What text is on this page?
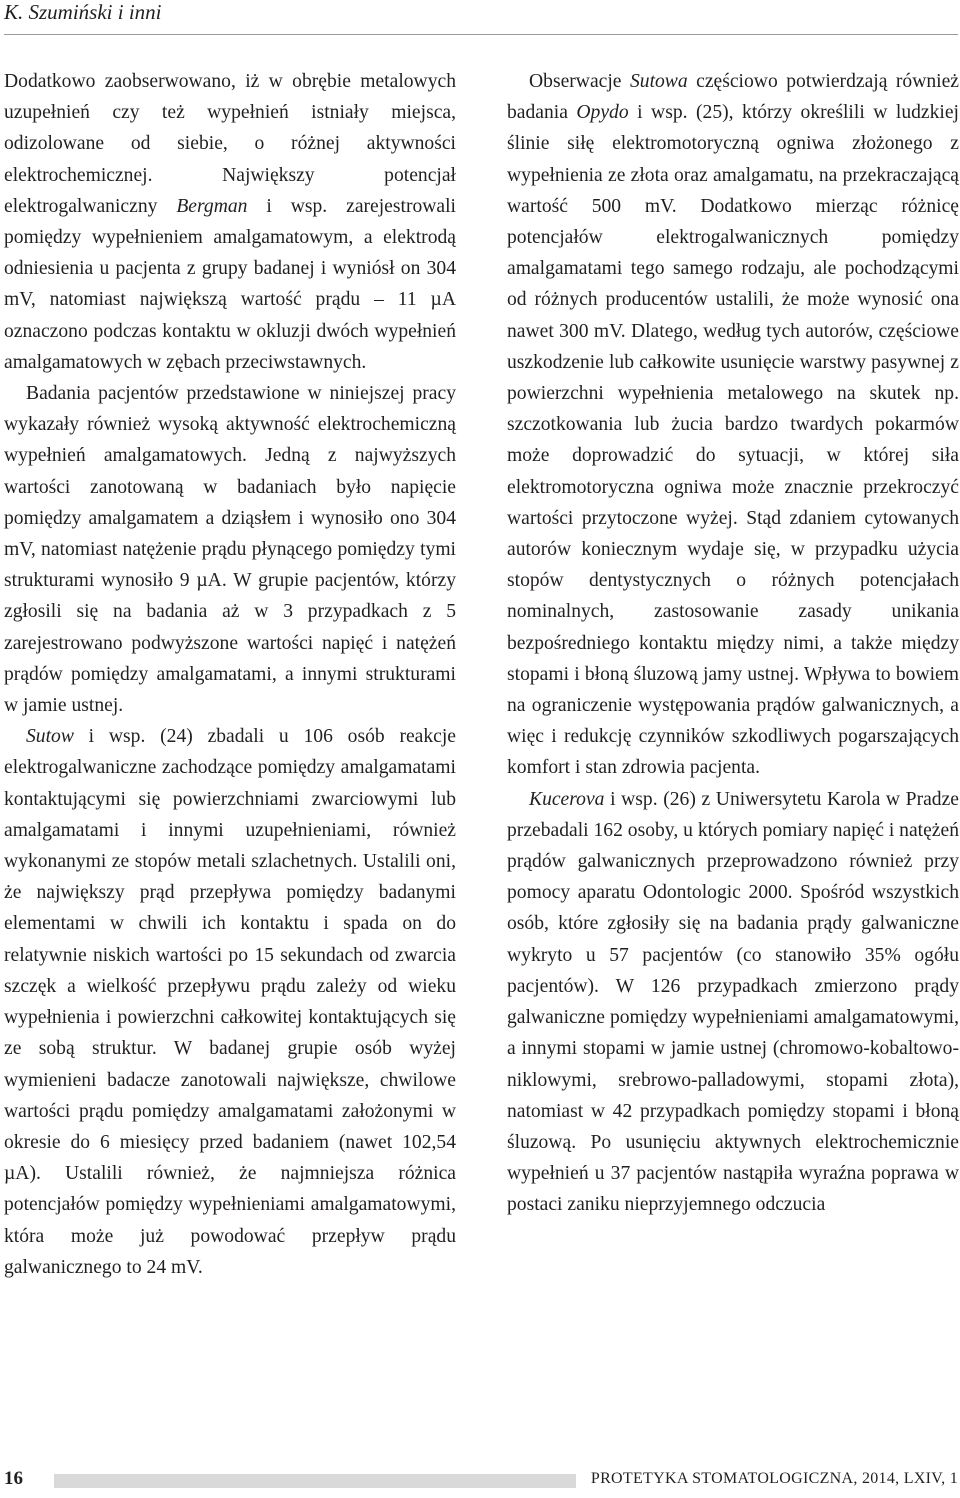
K. Szumiński i inni

Dodatkowo zaobserwowano, iż w obrębie metalowych uzupełnień czy też wypełnień istniały miejsca, odizolowane od siebie, o różnej aktywności elektrochemicznej. Największy potencjał elektrogalwaniczny Bergman i wsp. zarejestrowali pomiędzy wypełnieniem amalgamatowym, a elektrodą odniesienia u pacjenta z grupy badanej i wyniósł on 304 mV, natomiast największą wartość prądu – 11 µA oznaczono podczas kontaktu w okluzji dwóch wypełnień amalgamatowych w zębach przeciwstawnych.

Badania pacjentów przedstawione w niniejszej pracy wykazały również wysoką aktywność elektrochemiczną wypełnień amalgamatowych. Jedną z najwyższych wartości zanotowaną w badaniach było napięcie pomiędzy amalgamatem a dziąsłem i wynosiło ono 304 mV, natomiast natężenie prądu płynącego pomiędzy tymi strukturami wynosiło 9 µA. W grupie pacjentów, którzy zgłosili się na badania aż w 3 przypadkach z 5 zarejestrowano podwyższone wartości napięć i natężeń prądów pomiędzy amalgamatami, a innymi strukturami w jamie ustnej.

Sutow i wsp. (24) zbadali u 106 osób reakcje elektrogalwaniczne zachodzące pomiędzy amalgamatami kontaktującymi się powierzchniami zwarciowymi lub amalgamatami i innymi uzupełnieniami, również wykonanymi ze stopów metali szlachetnych. Ustalili oni, że największy prąd przepływa pomiędzy badanymi elementami w chwili ich kontaktu i spada on do relatywnie niskich wartości po 15 sekundach od zwarcia szczęk a wielkość przepływu prądu zależy od wieku wypełnienia i powierzchni całkowitej kontaktujących się ze sobą struktur. W badanej grupie osób wyżej wymienieni badacze zanotowali największe, chwilowe wartości prądu pomiędzy amalgamatami założonymi w okresie do 6 miesięcy przed badaniem (nawet 102,54 µA). Ustalili również, że najmniejsza różnica potencjałów pomiędzy wypełnieniami amalgamatowymi, która może już powodować przepływ prądu galwanicznego to 24 mV.

Obserwacje Sutowa częściowo potwierdzają również badania Opydo i wsp. (25), którzy określili w ludzkiej ślinie siłę elektromotoryczną ogniwa złożonego z wypełnienia ze złota oraz amalgamatu, na przekraczającą wartość 500 mV. Dodatkowo mierząc różnicę potencjałów elektrogalwanicznych pomiędzy amalgamatami tego samego rodzaju, ale pochodzącymi od różnych producentów ustalili, że może wynosić ona nawet 300 mV. Dlatego, według tych autorów, częściowe uszkodzenie lub całkowite usunięcie warstwy pasywnej z powierzchni wypełnienia metalowego na skutek np. szczotkowania lub żucia bardzo twardych pokarmów może doprowadzić do sytuacji, w której siła elektromotoryczna ogniwa może znacznie przekroczyć wartości przytoczone wyżej. Stąd zdaniem cytowanych autorów koniecznym wydaje się, w przypadku użycia stopów dentystycznych o różnych potencjałach nominalnych, zastosowanie zasady unikania bezpośredniego kontaktu między nimi, a także między stopami i błoną śluzową jamy ustnej. Wpływa to bowiem na ograniczenie występowania prądów galwanicznych, a więc i redukcję czynników szkodliwych pogarszających komfort i stan zdrowia pacjenta.

Kucerova i wsp. (26) z Uniwersytetu Karola w Pradze przebadali 162 osoby, u których pomiary napięć i natężeń prądów galwanicznych przeprowadzono również przy pomocy aparatu Odontologic 2000. Spośród wszystkich osób, które zgłosiły się na badania prądy galwaniczne wykryto u 57 pacjentów (co stanowiło 35% ogółu pacjentów). W 126 przypadkach zmierzono prądy galwaniczne pomiędzy wypełnieniami amalgamatowymi, a innymi stopami w jamie ustnej (chromowo-kobaltowo-niklowymi, srebrowo-palladowymi, stopami złota), natomiast w 42 przypadkach pomiędzy stopami i błoną śluzową. Po usunięciu aktywnych elektrochemicznie wypełnień u 37 pacjentów nastąpiła wyraźna poprawa w postaci zaniku nieprzyjemnego odczucia

16	PROTETYKA STOMATOLOGICZNA, 2014, LXIV, 1
